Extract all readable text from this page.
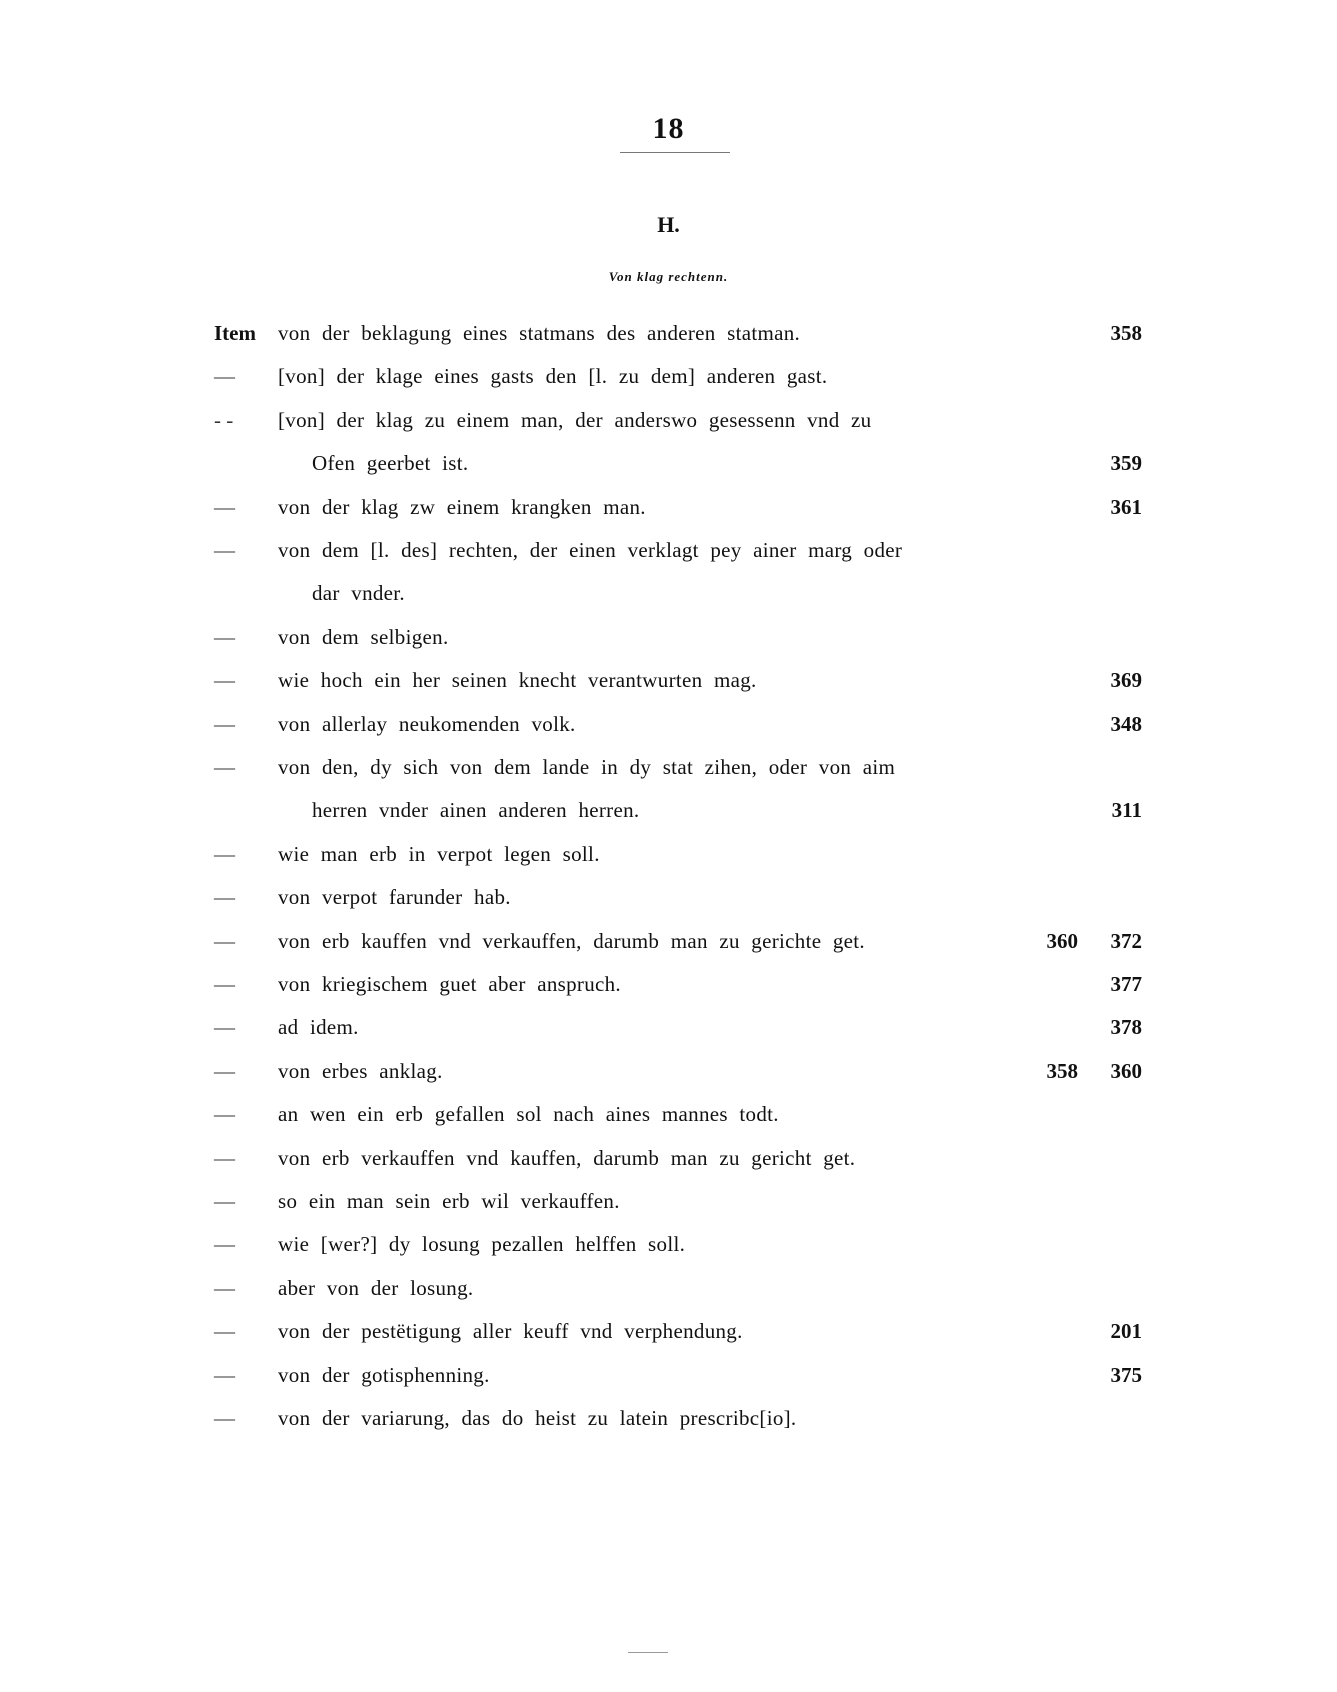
18
H.
Von klag rechtenn.
Item	von der beklagung eines statmans des anderen statman.	358
—	[von] der klage eines gasts den [l. zu dem] anderen gast.
- -	[von] der klag zu einem man, der anderswo gesessenn vnd zu
Ofen geerbet ist.	359
—	von der klag zw einem krangken man.	361
—	von dem [l. des] rechten, der einen verklagt pey ainer marg oder
dar vnder.
—	von dem selbigen.
—	wie hoch ein her seinen knecht verantwurten mag.	369
—	von allerlay neukomenden volk.	348
—	von den, dy sich von dem lande in dy stat zihen, oder von aim
herren vnder ainen anderen herren.	311
—	wie man erb in verpot legen soll.
—	von verpot farunder hab.
—	von erb kauffen vnd verkauffen, darumb man zu gerichte get.	360	372
—	von kriegischem guet aber anspruch.	377
—	ad idem.	378
—	von erbes anklag.	358	360
—	an wen ein erb gefallen sol nach aines mannes todt.
—	von erb verkauffen vnd kauffen, darumb man zu gericht get.
—	so ein man sein erb wil verkauffen.
—	wie [wer?] dy losung pezallen helffen soll.
—	aber von der losung.
—	von der pestëtigung aller keuff vnd verphendung.	201
—	von der gotisphenning.	375
—	von der variarung, das do heist zu latein prescribc[io].
